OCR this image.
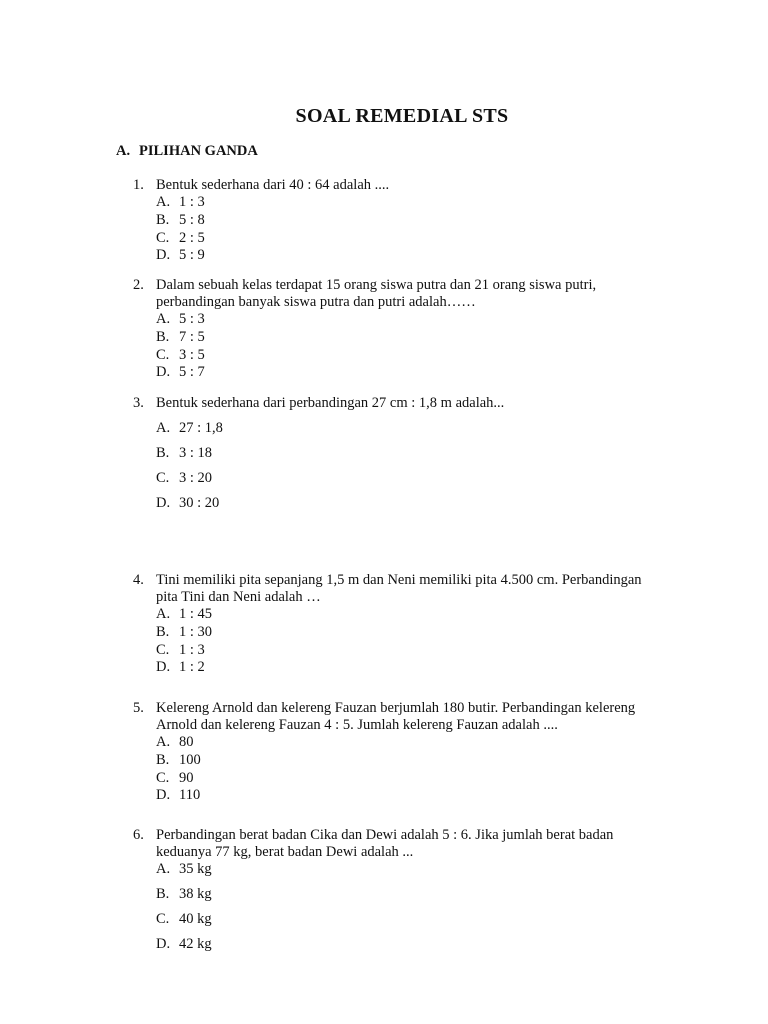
SOAL REMEDIAL STS
A. PILIHAN GANDA
1. Bentuk sederhana dari 40 : 64 adalah ....
A. 1 : 3
B. 5 : 8
C. 2 : 5
D. 5 : 9
2. Dalam sebuah kelas terdapat 15 orang siswa putra dan 21 orang siswa putri,
perbandingan banyak siswa putra dan putri adalah……
A. 5 : 3
B. 7 : 5
C. 3 : 5
D. 5 : 7
3. Bentuk sederhana dari perbandingan 27 cm : 1,8 m adalah...
A. 27 : 1,8
B. 3 : 18
C. 3 : 20
D. 30 : 20
4. Tini memiliki pita sepanjang 1,5 m dan Neni memiliki pita 4.500 cm. Perbandingan
pita Tini dan Neni adalah …
A. 1 : 45
B. 1 : 30
C. 1 : 3
D. 1 : 2
5. Kelereng Arnold dan kelereng Fauzan berjumlah 180 butir. Perbandingan kelereng
Arnold dan kelereng Fauzan 4 : 5. Jumlah kelereng Fauzan adalah ....
A. 80
B. 100
C. 90
D. 110
6. Perbandingan berat badan Cika dan Dewi adalah 5 : 6. Jika jumlah berat badan
keduanya 77 kg, berat badan Dewi adalah ...
A. 35 kg
B. 38 kg
C. 40 kg
D. 42 kg
